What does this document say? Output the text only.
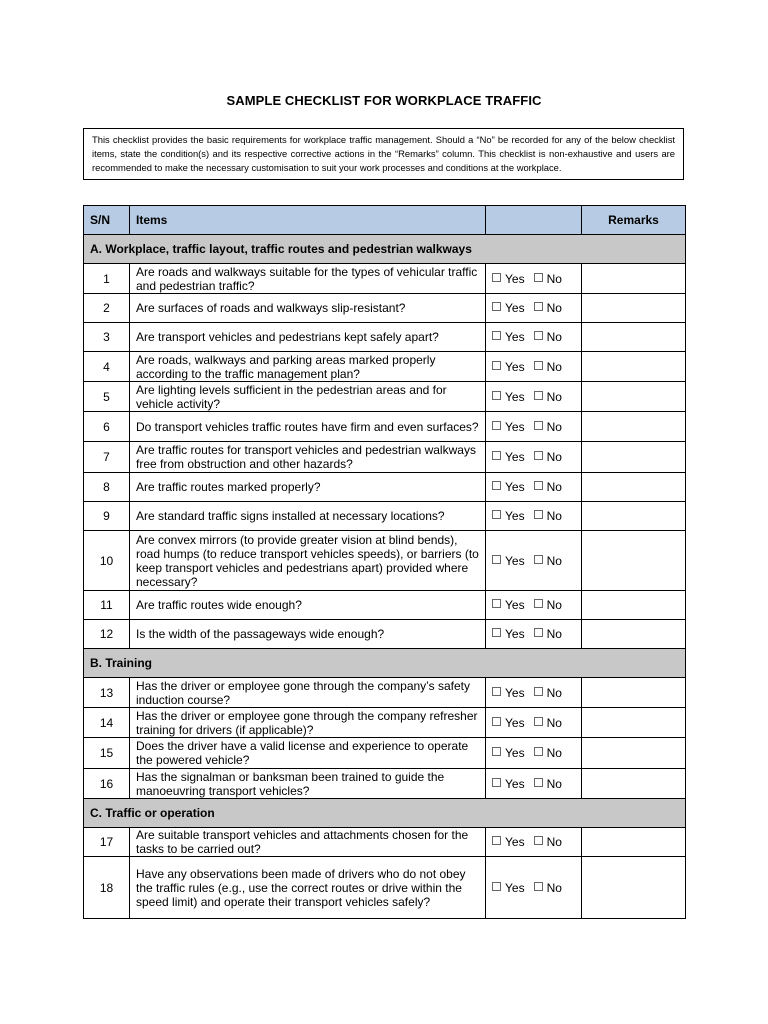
SAMPLE CHECKLIST FOR WORKPLACE TRAFFIC
This checklist provides the basic requirements for workplace traffic management. Should a “No” be recorded for any of the below checklist items, state the condition(s) and its respective corrective actions in the “Remarks” column. This checklist is non-exhaustive and users are recommended to make the necessary customisation to suit your work processes and conditions at the workplace.
S/N	Items		Remarks
A. Workplace, traffic layout, traffic routes and pedestrian walkways			
1	Are roads and walkways suitable for the types of vehicular traffic and pedestrian traffic?	Yes No	
2	Are surfaces of roads and walkways slip-resistant?	Yes No	
3	Are transport vehicles and pedestrians kept safely apart?	Yes No	
4	Are roads, walkways and parking areas marked properly according to the traffic management plan?	Yes No	
5	Are lighting levels sufficient in the pedestrian areas and for vehicle activity?	Yes No	
6	Do transport vehicles traffic routes have firm and even surfaces?	Yes No	
7	Are traffic routes for transport vehicles and pedestrian walkways free from obstruction and other hazards?	Yes No	
8	Are traffic routes marked properly?	Yes No	
9	Are standard traffic signs installed at necessary locations?	Yes No	
10	Are convex mirrors (to provide greater vision at blind bends), road humps (to reduce transport vehicles speeds), or barriers (to keep transport vehicles and pedestrians apart) provided where necessary?	Yes No	
11	Are traffic routes wide enough?	Yes No	
12	Is the width of the passageways wide enough?	Yes No	
B. Training			
13	Has the driver or employee gone through the company’s safety induction course?	Yes No	
14	Has the driver or employee gone through the company refresher training for drivers (if applicable)?	Yes No	
15	Does the driver have a valid license and experience to operate the powered vehicle?	Yes No	
16	Has the signalman or banksman been trained to guide the manoeuvring transport vehicles?	Yes No	
C. Traffic or operation			
17	Are suitable transport vehicles and attachments chosen for the tasks to be carried out?	Yes No	
18	Have any observations been made of drivers who do not obey the traffic rules (e.g., use the correct routes or drive within the speed limit) and operate their transport vehicles safely?	Yes No	
